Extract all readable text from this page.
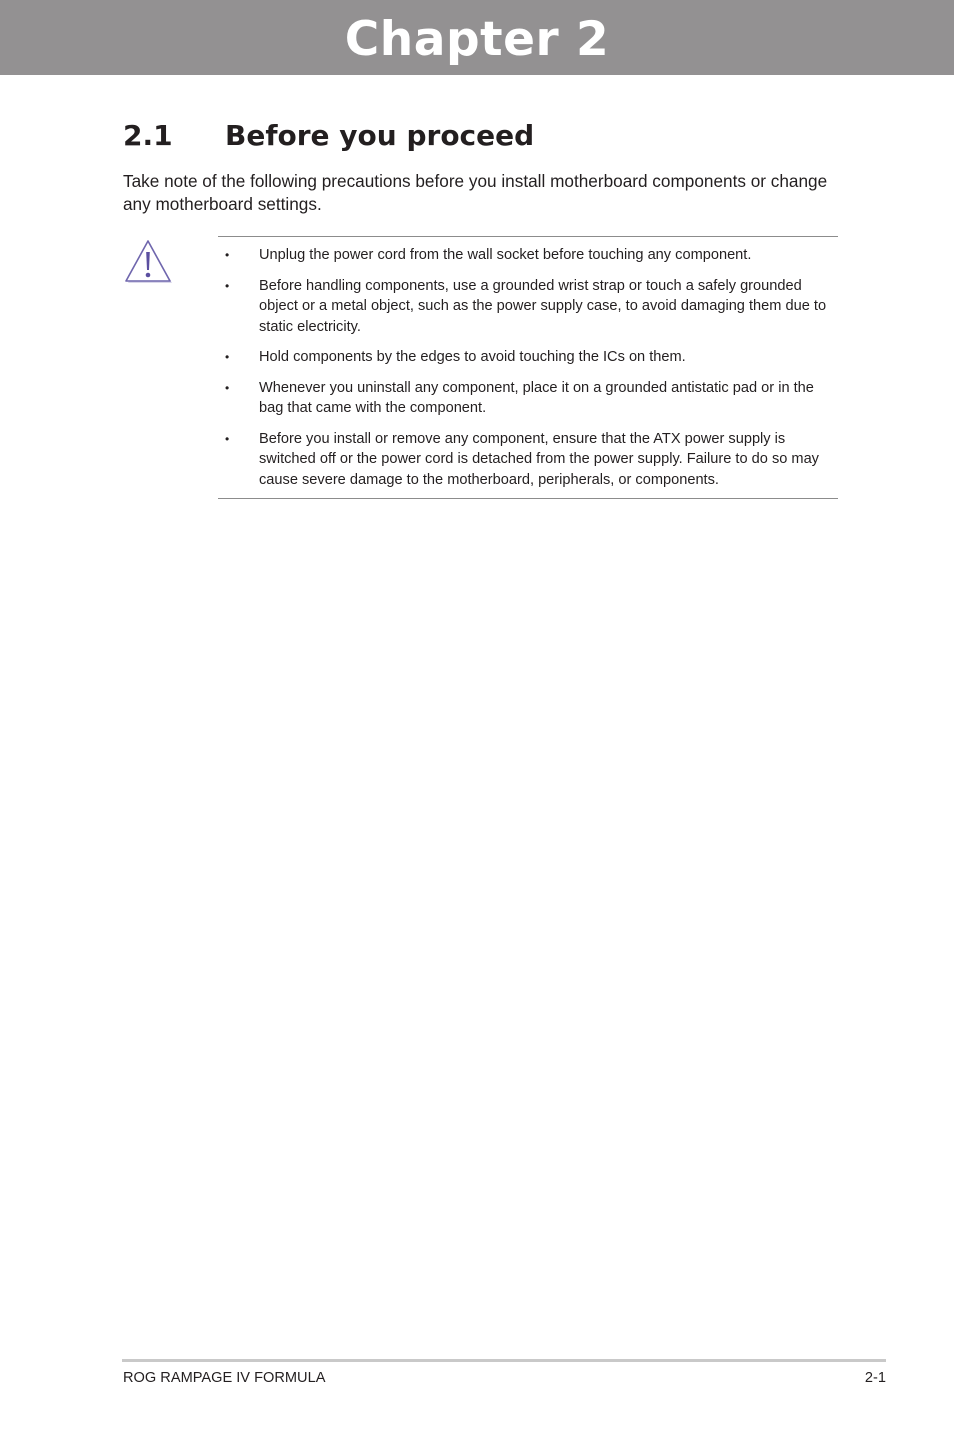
Chapter 2
2.1 Before you proceed

Take note of the following precautions before you install motherboard components or change any motherboard settings.

• Unplug the power cord from the wall socket before touching any component.
• Before handling components, use a grounded wrist strap or touch a safely grounded object or a metal object, such as the power supply case, to avoid damaging them due to static electricity.
• Hold components by the edges to avoid touching the ICs on them.
• Whenever you uninstall any component, place it on a grounded antistatic pad or in the bag that came with the component.
• Before you install or remove any component, ensure that the ATX power supply is switched off or the power cord is detached from the power supply. Failure to do so may cause severe damage to the motherboard, peripherals, or components.
ROG RAMPAGE IV FORMULA	2-1
